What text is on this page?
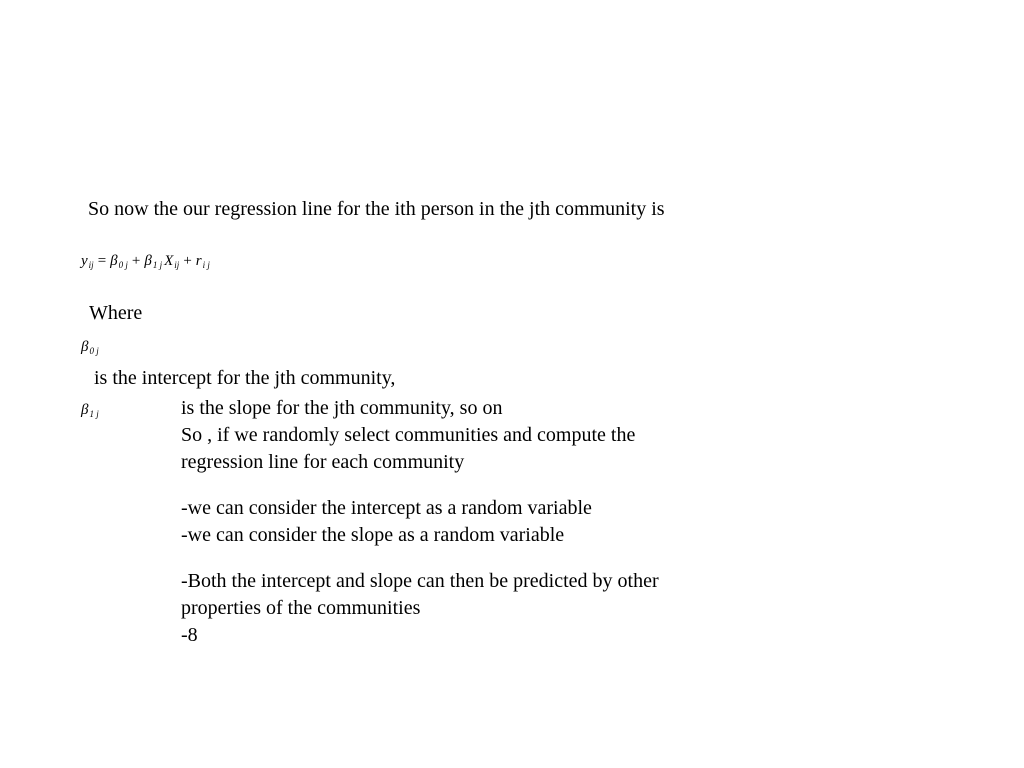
So now the our regression line for the ith person in the jth community is
$y_{ij} = \beta_{0 j} + \beta_{1 j}$ $X_{ij} + r_{i j}$
Where
$\beta_{0 j}$
is the intercept for the jth community,
$\beta_{1 j}$	is the slope for the jth community, so on
So , if we randomly select communities and compute the
regression line for each community
-we can consider the intercept as a random variable
-we can consider the slope as a random variable
-Both the intercept and slope can then be predicted by other
properties of the communities
-8
